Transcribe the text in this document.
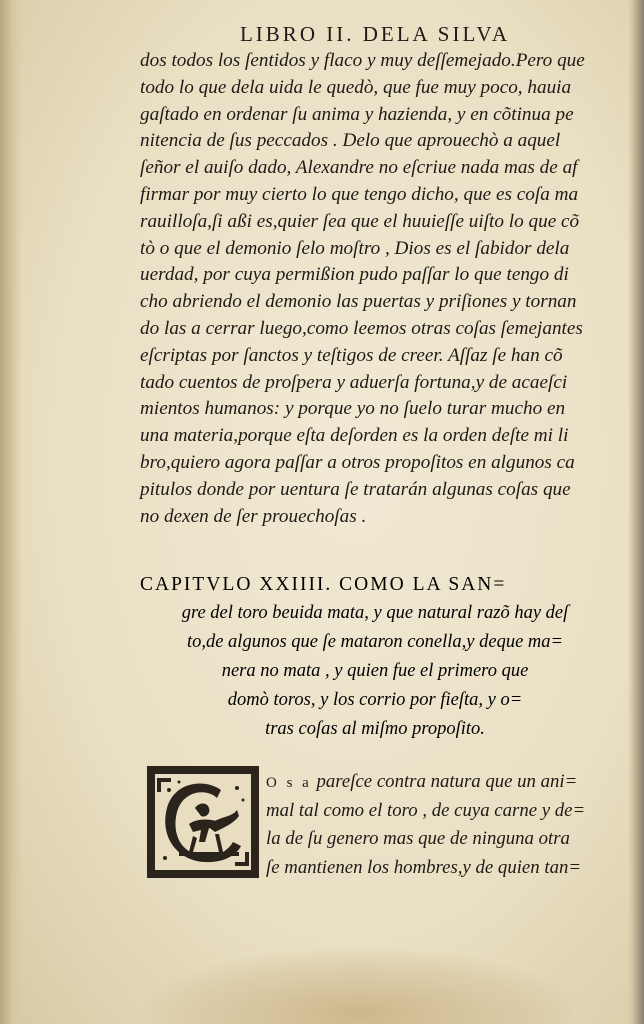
LIBRO II. DELA SILVA
dos todos los ſentidos y flaco y muy deſſemejado.Pero que
todo lo que dela uida le quedò, que fue muy poco, hauia
gaſtado en ordenar ſu anima y hazienda, y en cõtinua pe
nitencia de ſus peccados . Delo que aprouechò a aquel
ſeñor el auiſo dado, Alexandre no eſcriue nada mas de af
firmar por muy cierto lo que tengo dicho, que es coſa ma
rauilloſa,ſi aßi es,quier ſea que el huuieſſe uiſto lo que cõ
tò o que el demonio ſelo moſtro , Dios es el ſabidor dela
uerdad, por cuya permißion pudo paſſar lo que tengo di
cho abriendo el demonio las puertas y priſiones y tornan
do las a cerrar luego,como leemos otras coſas ſemejantes
eſcriptas por ſanctos y teſtigos de creer. Aſſaz ſe han cõ
tado cuentos de proſpera y aduerſa fortuna,y de acaeſci
mientos humanos: y porque yo no ſuelo turar mucho en
una materia,porque eſta deſorden es la orden deſte mi li
bro,quiero agora paſſar a otros propoſitos en algunos ca
pitulos donde por uentura ſe tratarán algunas coſas que
no dexen de ſer prouechoſas .
CAPITVLO XXIIII. COMO LA SAN=
gre del toro beuida mata, y que natural razõ hay deſ
to,de algunos que ſe mataron conella,y deque ma=
nera no mata , y quien fue el primero que
domò toros, y los corrio por fieſta, y o=
tras coſas al miſmo propoſito.
O s a pareſce contra natura que un ani=
mal tal como el toro , de cuya carne y de=
la de ſu genero mas que de ninguna otra
ſe mantienen los hombres,y de quien tan=
